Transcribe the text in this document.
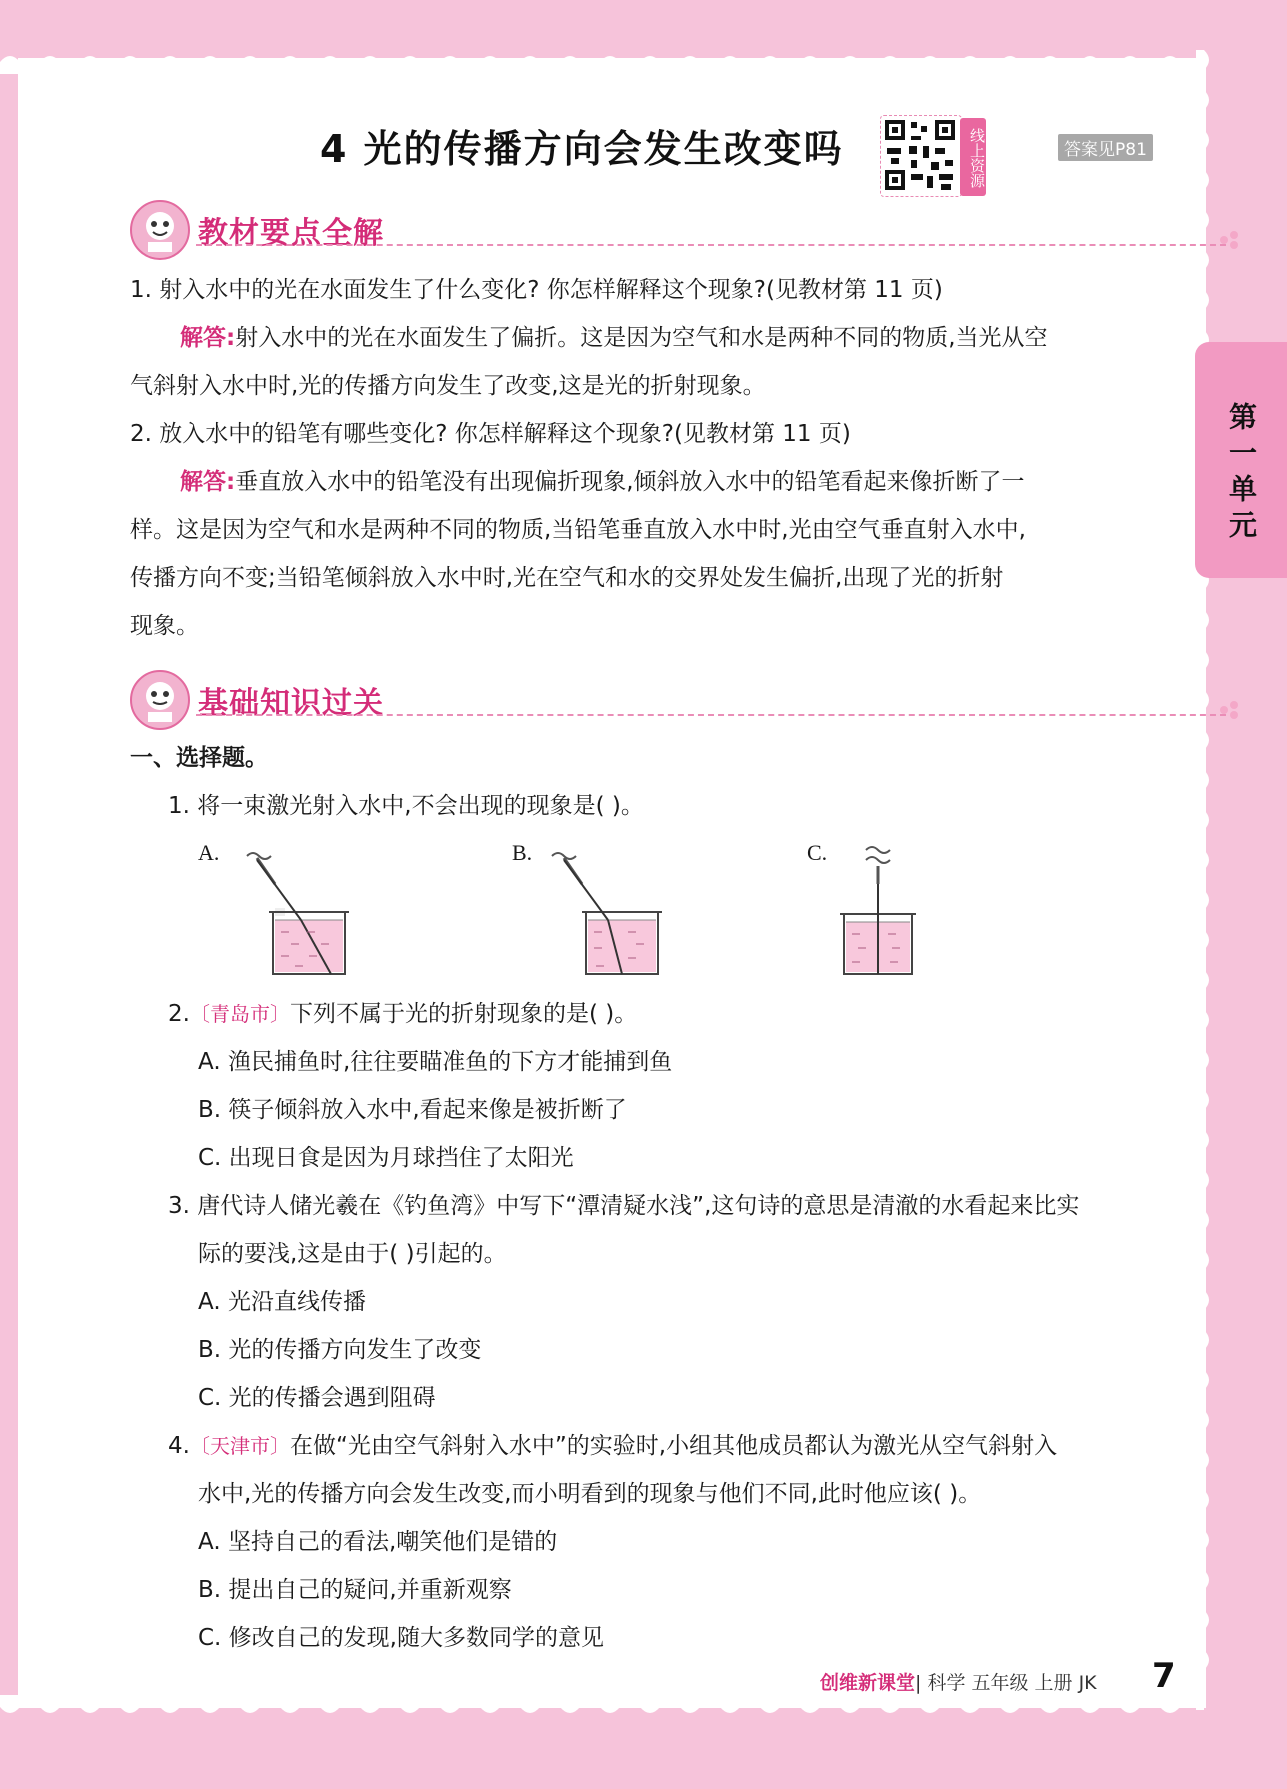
4 光的传播方向会发生改变吗	线上资源	答案见P81
第一单元
教材要点全解
1. 射入水中的光在水面发生了什么变化? 你怎样解释这个现象?(见教材第 11 页)
解答:射入水中的光在水面发生了偏折。这是因为空气和水是两种不同的物质,当光从空
气斜射入水中时,光的传播方向发生了改变,这是光的折射现象。
2. 放入水中的铅笔有哪些变化? 你怎样解释这个现象?(见教材第 11 页)
解答:垂直放入水中的铅笔没有出现偏折现象,倾斜放入水中的铅笔看起来像折断了一
样。这是因为空气和水是两种不同的物质,当铅笔垂直放入水中时,光由空气垂直射入水中,
传播方向不变;当铅笔倾斜放入水中时,光在空气和水的交界处发生偏折,出现了光的折射
现象。
基础知识过关
一、选择题。
1. 将一束激光射入水中,不会出现的现象是( )。
A.	B.	C.
2.〔青岛市〕下列不属于光的折射现象的是( )。
A. 渔民捕鱼时,往往要瞄准鱼的下方才能捕到鱼
B. 筷子倾斜放入水中,看起来像是被折断了
C. 出现日食是因为月球挡住了太阳光
3. 唐代诗人储光羲在《钓鱼湾》中写下“潭清疑水浅”,这句诗的意思是清澈的水看起来比实
际的要浅,这是由于( )引起的。
A. 光沿直线传播
B. 光的传播方向发生了改变
C. 光的传播会遇到阻碍
4.〔天津市〕在做“光由空气斜射入水中”的实验时,小组其他成员都认为激光从空气斜射入
水中,光的传播方向会发生改变,而小明看到的现象与他们不同,此时他应该( )。
A. 坚持自己的看法,嘲笑他们是错的
B. 提出自己的疑问,并重新观察
C. 修改自己的发现,随大多数同学的意见
创维新课堂| 科学 五年级 上册 JK 7
